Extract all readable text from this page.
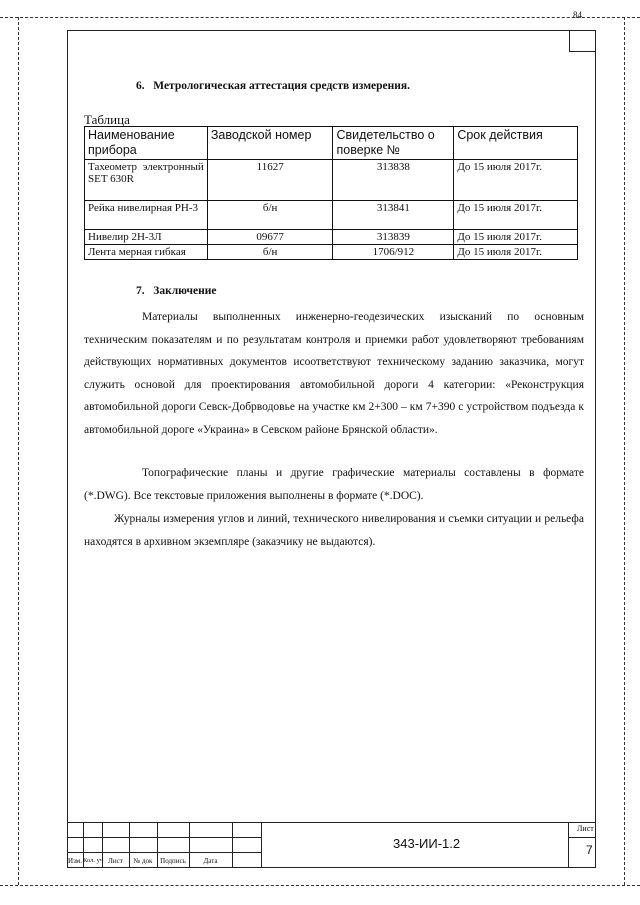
84
6. Метрологическая аттестация средств измерения.
Таблица
Наименование прибора	Заводской номер	Свидетельство о поверке №	Срок действия
Тахеометр электронный SET 630R	11627	313838	До 15 июля 2017г.
Рейка нивелирная РН-3	б/н	313841	До 15 июля 2017г.
Нивелир 2Н-3Л	09677	313839	До 15 июля 2017г.
Лента мерная гибкая	б/н	1706/912	До 15 июля 2017г.
7. Заключение
Материалы выполненных инженерно-геодезических изысканий по основным техническим показателям и по результатам контроля и приемки работ удовлетворяют требованиям действующих нормативных документов исоответствуют техническому заданию заказчика, могут служить основой для проектирования автомобильной дороги 4 категории: «Реконструкция автомобильной дороги Севск-Добрводовье на участке км 2+300 – км 7+390 с устройством подъезда к автомобильной дороге «Украина» в Севском районе Брянской области».
Топографические планы и другие графические материалы составлены в формате (*.DWG). Все текстовые приложения выполнены в формате (*.DOC).
Журналы измерения углов и линий, технического нивелирования и съемки ситуации и рельефа находятся в архивном экземпляре (заказчику не выдаются).
Изм. Кол. уч Лист	№ док	Подпись	Дата
343-ИИ-1.2
Лист
7
